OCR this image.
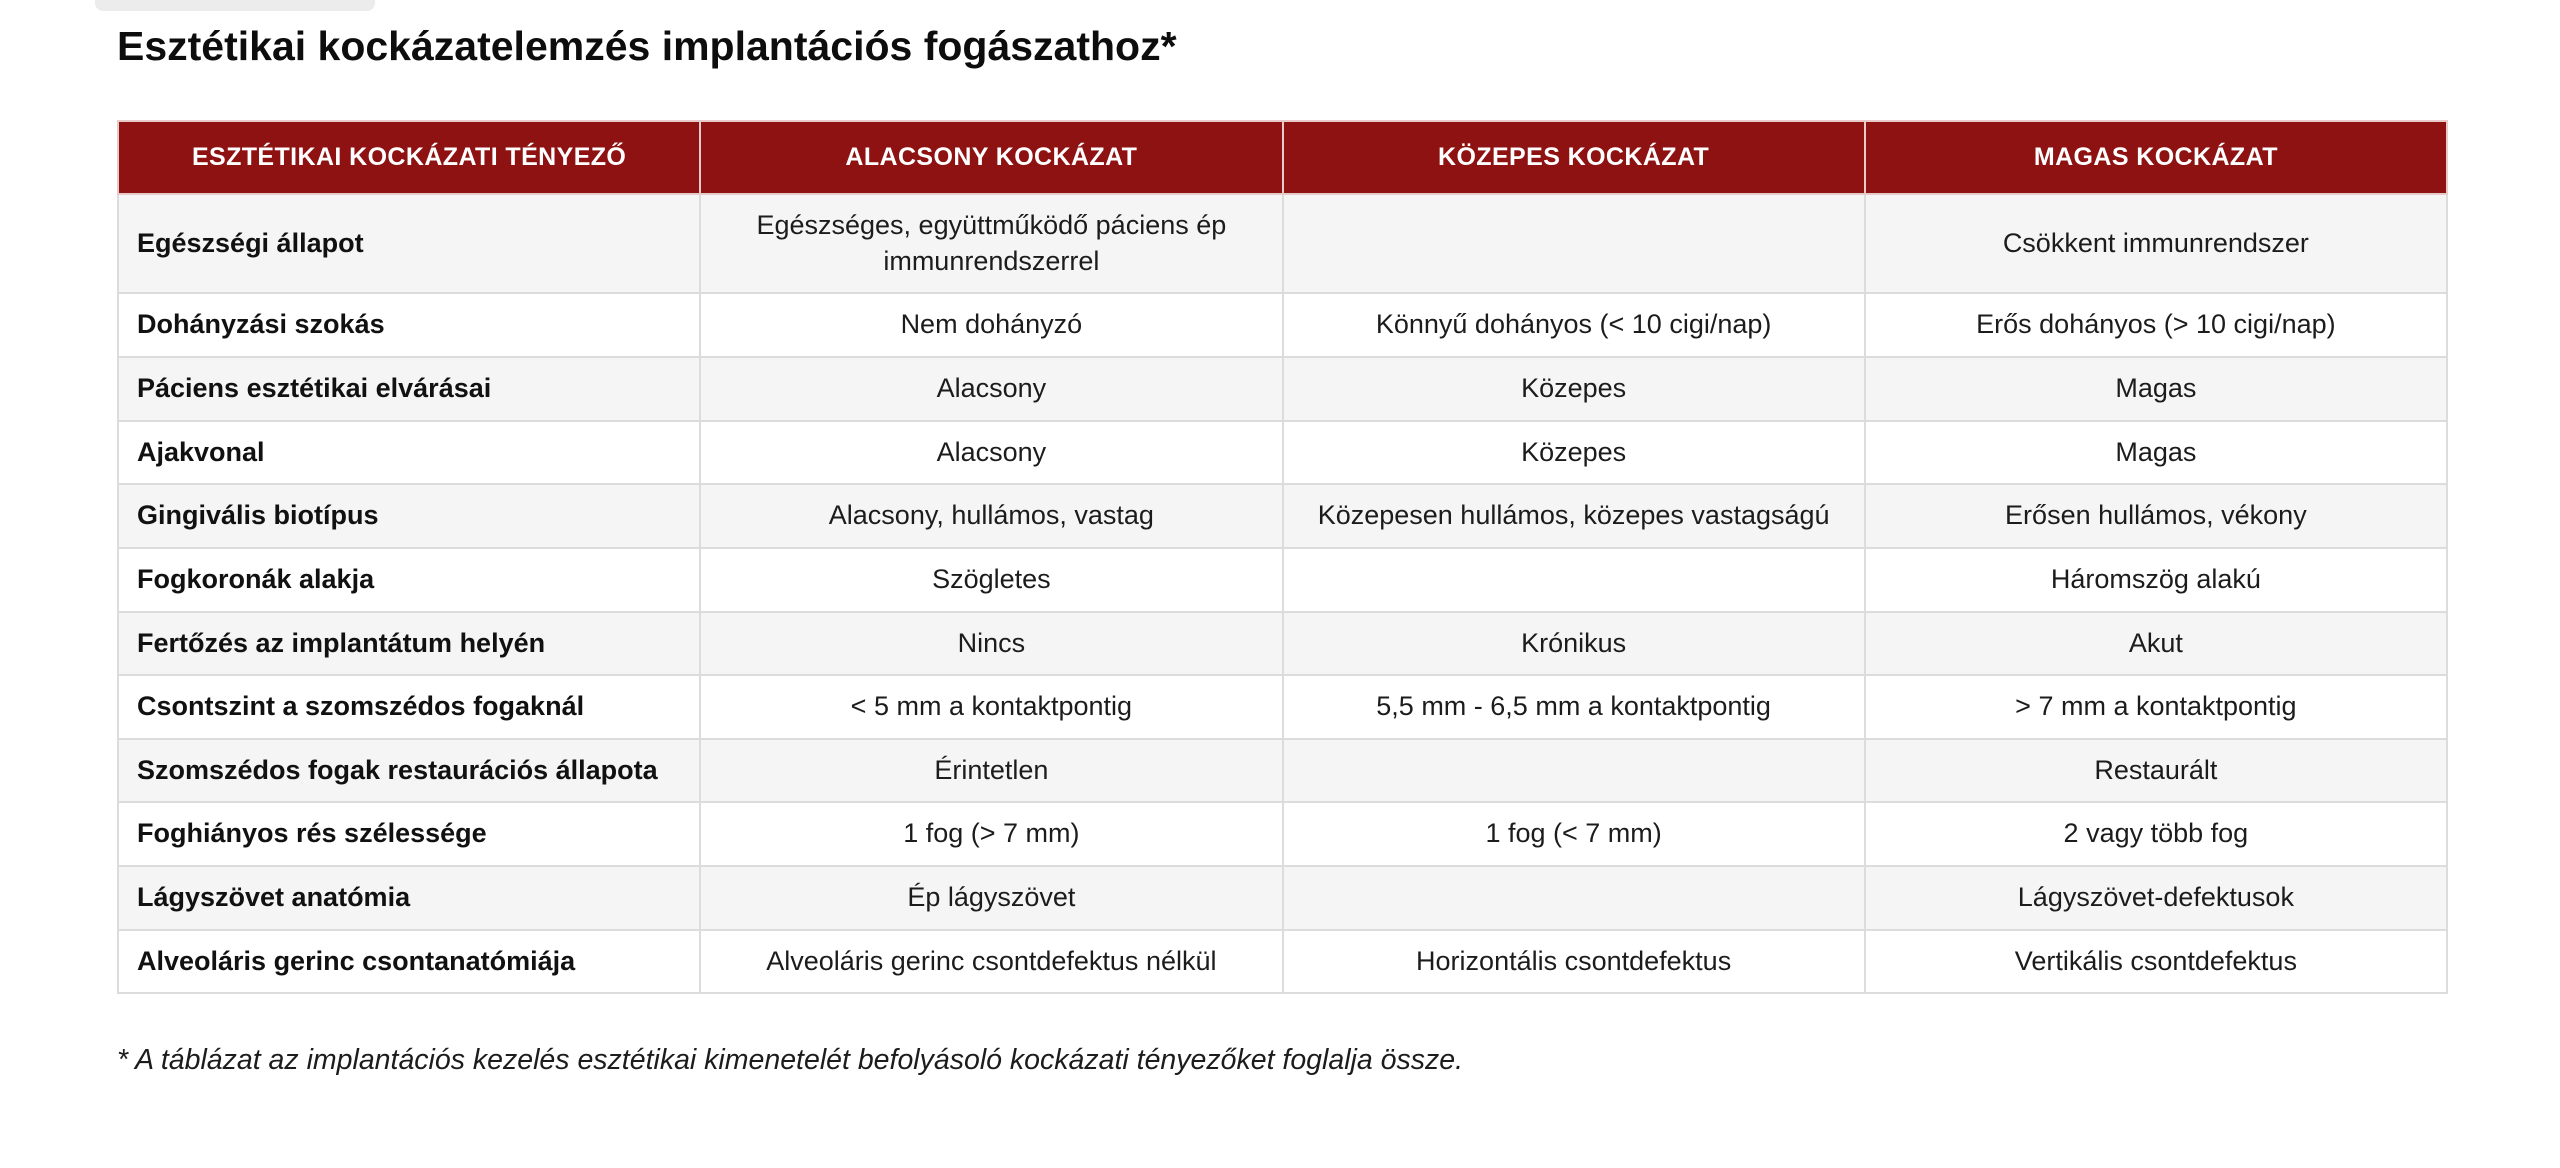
Esztétikai kockázatelemzés implantációs fogászathoz*
ESZTÉTIKAI KOCKÁZATI TÉNYEZŐ	ALACSONY KOCKÁZAT	KÖZEPES KOCKÁZAT	MAGAS KOCKÁZAT
Egészségi állapot	Egészséges, együttműködő páciens ép immunrendszerrel		Csökkent immunrendszer
Dohányzási szokás	Nem dohányzó	Könnyű dohányos (< 10 cigi/nap)	Erős dohányos (> 10 cigi/nap)
Páciens esztétikai elvárásai	Alacsony	Közepes	Magas
Ajakvonal	Alacsony	Közepes	Magas
Gingivális biotípus	Alacsony, hullámos, vastag	Közepesen hullámos, közepes vastagságú	Erősen hullámos, vékony
Fogkoronák alakja	Szögletes		Háromszög alakú
Fertőzés az implantátum helyén	Nincs	Krónikus	Akut
Csontszint a szomszédos fogaknál	< 5 mm a kontaktpontig	5,5 mm - 6,5 mm a kontaktpontig	> 7 mm a kontaktpontig
Szomszédos fogak restaurációs állapota	Érintetlen		Restaurált
Foghiányos rés szélessége	1 fog (> 7 mm)	1 fog (< 7 mm)	2 vagy több fog
Lágyszövet anatómia	Ép lágyszövet		Lágyszövet-defektusok
Alveoláris gerinc csontanatómiája	Alveoláris gerinc csontdefektus nélkül	Horizontális csontdefektus	Vertikális csontdefektus

* A táblázat az implantációs kezelés esztétikai kimenetelét befolyásoló kockázati tényezőket foglalja össze.
